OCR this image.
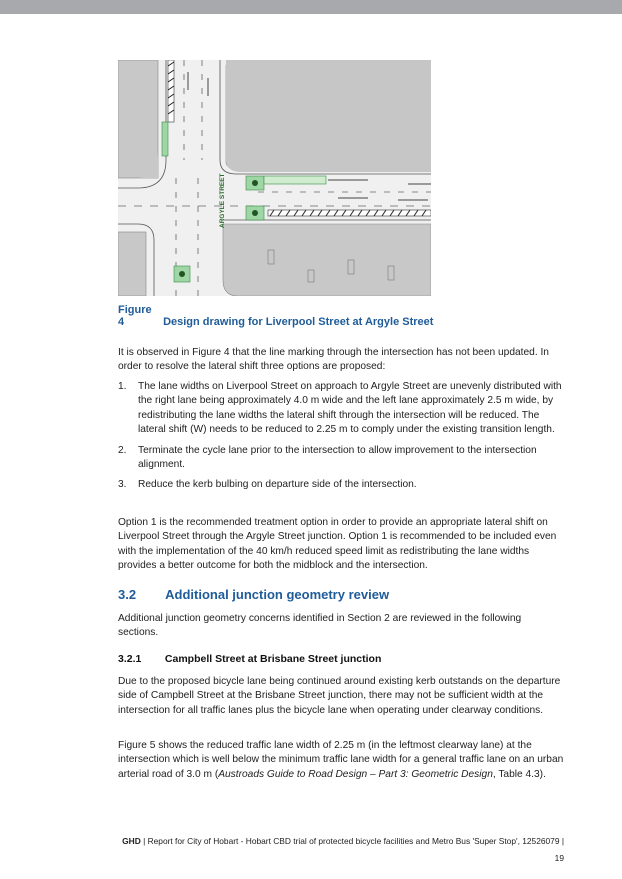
ARGYLE STREET
Figure 4	Design drawing for Liverpool Street at Argyle Street
It is observed in Figure 4 that the line marking through the intersection has not been updated. In order to resolve the lateral shift three options are proposed:
1. The lane widths on Liverpool Street on approach to Argyle Street are unevenly distributed with the right lane being approximately 4.0 m wide and the left lane approximately 2.5 m wide, by redistributing the lane widths the lateral shift through the intersection will be reduced. The lateral shift (W) needs to be reduced to 2.25 m to comply under the existing transition length.
2. Terminate the cycle lane prior to the intersection to allow improvement to the intersection alignment.
3. Reduce the kerb bulbing on departure side of the intersection.
Option 1 is the recommended treatment option in order to provide an appropriate lateral shift on Liverpool Street through the Argyle Street junction. Option 1 is recommended to be included even with the implementation of the 40 km/h reduced speed limit as redistributing the lane widths provides a better outcome for both the midblock and the intersection.
3.2 Additional junction geometry review
Additional junction geometry concerns identified in Section 2 are reviewed in the following sections.
3.2.1 Campbell Street at Brisbane Street junction
Due to the proposed bicycle lane being continued around existing kerb outstands on the departure side of Campbell Street at the Brisbane Street junction, there may not be sufficient width at the intersection for all traffic lanes plus the bicycle lane when operating under clearway conditions.
Figure 5 shows the reduced traffic lane width of 2.25 m (in the leftmost clearway lane) at the intersection which is well below the minimum traffic lane width for a general traffic lane on an urban arterial road of 3.0 m (Austroads Guide to Road Design – Part 3: Geometric Design, Table 4.3).
GHD | Report for City of Hobart - Hobart CBD trial of protected bicycle facilities and Metro Bus 'Super Stop', 12526079 |
19
